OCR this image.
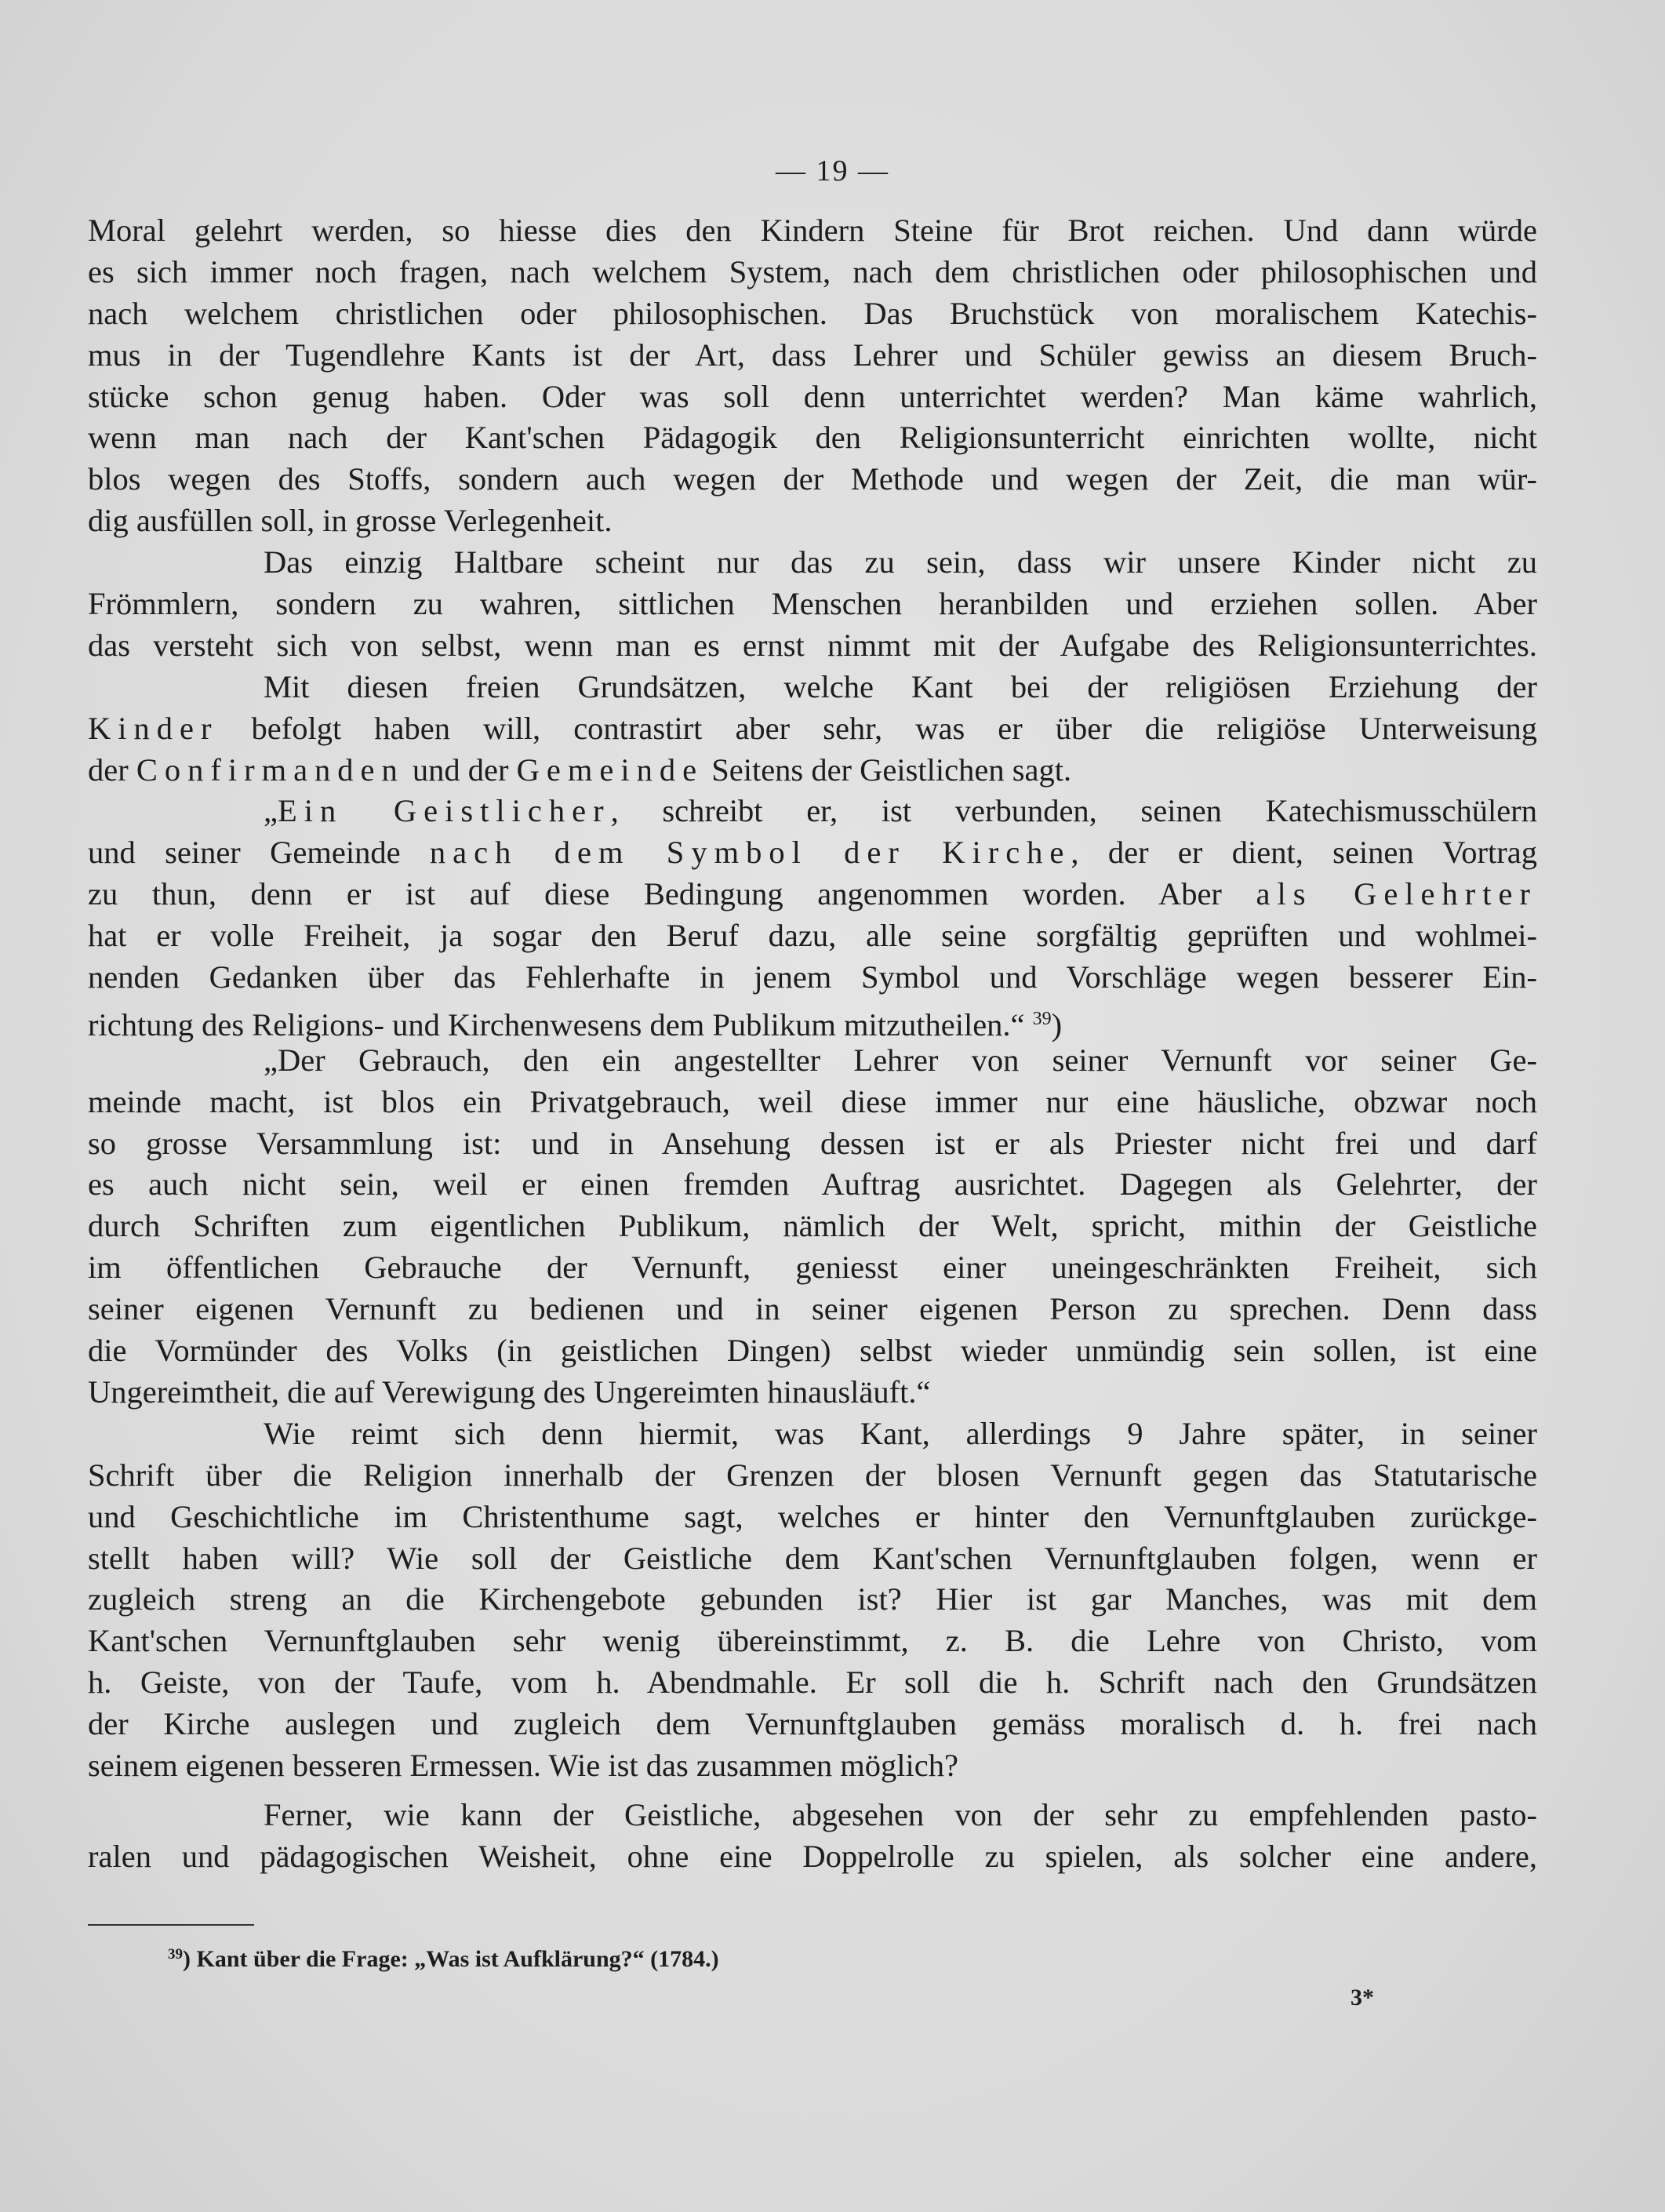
— 19 —
Moral gelehrt werden, so hiesse dies den Kindern Steine für Brot reichen. Und dann würde
es sich immer noch fragen, nach welchem System, nach dem christlichen oder philosophischen und
nach welchem christlichen oder philosophischen. Das Bruchstück von moralischem Katechis-
mus in der Tugendlehre Kants ist der Art, dass Lehrer und Schüler gewiss an diesem Bruch-
stücke schon genug haben. Oder was soll denn unterrichtet werden? Man käme wahrlich,
wenn man nach der Kant'schen Pädagogik den Religionsunterricht einrichten wollte, nicht
blos wegen des Stoffs, sondern auch wegen der Methode und wegen der Zeit, die man wür-
dig ausfüllen soll, in grosse Verlegenheit.
Das einzig Haltbare scheint nur das zu sein, dass wir unsere Kinder nicht zu
Frömmlern, sondern zu wahren, sittlichen Menschen heranbilden und erziehen sollen. Aber
das versteht sich von selbst, wenn man es ernst nimmt mit der Aufgabe des Religionsunterrichtes.
Mit diesen freien Grundsätzen, welche Kant bei der religiösen Erziehung der
Kinder befolgt haben will, contrastirt aber sehr, was er über die religiöse Unterweisung
der Confirmanden und der Gemeinde Seitens der Geistlichen sagt.
„Ein Geistlicher, schreibt er, ist verbunden, seinen Katechismusschülern
und seiner Gemeinde nach dem Symbol der Kirche, der er dient, seinen Vortrag
zu thun, denn er ist auf diese Bedingung angenommen worden. Aber als Gelehrter
hat er volle Freiheit, ja sogar den Beruf dazu, alle seine sorgfältig geprüften und wohlmei-
nenden Gedanken über das Fehlerhafte in jenem Symbol und Vorschläge wegen besserer Ein-
richtung des Religions- und Kirchenwesens dem Publikum mitzutheilen.“ $^{39}$)
„Der Gebrauch, den ein angestellter Lehrer von seiner Vernunft vor seiner Ge-
meinde macht, ist blos ein Privatgebrauch, weil diese immer nur eine häusliche, obzwar noch
so grosse Versammlung ist: und in Ansehung dessen ist er als Priester nicht frei und darf
es auch nicht sein, weil er einen fremden Auftrag ausrichtet. Dagegen als Gelehrter, der
durch Schriften zum eigentlichen Publikum, nämlich der Welt, spricht, mithin der Geistliche
im öffentlichen Gebrauche der Vernunft, geniesst einer uneingeschränkten Freiheit, sich
seiner eigenen Vernunft zu bedienen und in seiner eigenen Person zu sprechen. Denn dass
die Vormünder des Volks (in geistlichen Dingen) selbst wieder unmündig sein sollen, ist eine
Ungereimtheit, die auf Verewigung des Ungereimten hinausläuft.“
Wie reimt sich denn hiermit, was Kant, allerdings 9 Jahre später, in seiner
Schrift über die Religion innerhalb der Grenzen der blosen Vernunft gegen das Statutarische
und Geschichtliche im Christenthume sagt, welches er hinter den Vernunftglauben zurückge-
stellt haben will? Wie soll der Geistliche dem Kant'schen Vernunftglauben folgen, wenn er
zugleich streng an die Kirchengebote gebunden ist? Hier ist gar Manches, was mit dem
Kant'schen Vernunftglauben sehr wenig übereinstimmt, z. B. die Lehre von Christo, vom
h. Geiste, von der Taufe, vom h. Abendmahle. Er soll die h. Schrift nach den Grundsätzen
der Kirche auslegen und zugleich dem Vernunftglauben gemäss moralisch d. h. frei nach
seinem eigenen besseren Ermessen. Wie ist das zusammen möglich?
Ferner, wie kann der Geistliche, abgesehen von der sehr zu empfehlenden pasto-
ralen und pädagogischen Weisheit, ohne eine Doppelrolle zu spielen, als solcher eine andere,
$^{39}$) Kant über die Frage: „Was ist Aufklärung?“ (1784.)
3*
